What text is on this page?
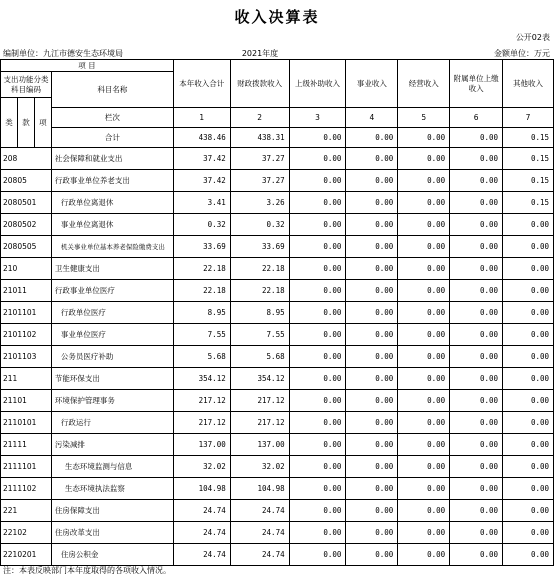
收入决算表
公开02表
编制单位：九江市德安生态环境局	2021年度	金额单位：万元
项 目				本年收入合计	财政拨款收入	上级补助收入	事业收入	经营收入	附属单位上缴收入	其他收入
支出功能分类科目编码			科目名称							
类	款	项								
			栏次	1	2	3	4	5	6	7
			合计	438.46	438.31	0.00	0.00	0.00	0.00	0.15
208			社会保障和就业支出	37.42	37.27	0.00	0.00	0.00	0.00	0.15
20805			行政事业单位养老支出	37.42	37.27	0.00	0.00	0.00	0.00	0.15
2080501			行政单位离退休	3.41	3.26	0.00	0.00	0.00	0.00	0.15
2080502			事业单位离退休	0.32	0.32	0.00	0.00	0.00	0.00	0.00
2080505			机关事业单位基本养老保险缴费支出	33.69	33.69	0.00	0.00	0.00	0.00	0.00
210			卫生健康支出	22.18	22.18	0.00	0.00	0.00	0.00	0.00
21011			行政事业单位医疗	22.18	22.18	0.00	0.00	0.00	0.00	0.00
2101101			行政单位医疗	8.95	8.95	0.00	0.00	0.00	0.00	0.00
2101102			事业单位医疗	7.55	7.55	0.00	0.00	0.00	0.00	0.00
2101103			公务员医疗补助	5.68	5.68	0.00	0.00	0.00	0.00	0.00
211			节能环保支出	354.12	354.12	0.00	0.00	0.00	0.00	0.00
21101			环境保护管理事务	217.12	217.12	0.00	0.00	0.00	0.00	0.00
2110101			行政运行	217.12	217.12	0.00	0.00	0.00	0.00	0.00
21111			污染减排	137.00	137.00	0.00	0.00	0.00	0.00	0.00
2111101			生态环境监测与信息	32.02	32.02	0.00	0.00	0.00	0.00	0.00
2111102			生态环境执法监察	104.98	104.98	0.00	0.00	0.00	0.00	0.00
221			住房保障支出	24.74	24.74	0.00	0.00	0.00	0.00	0.00
22102			住房改革支出	24.74	24.74	0.00	0.00	0.00	0.00	0.00
2210201			住房公积金	24.74	24.74	0.00	0.00	0.00	0.00	0.00
注：本表反映部门本年度取得的各项收入情况。
